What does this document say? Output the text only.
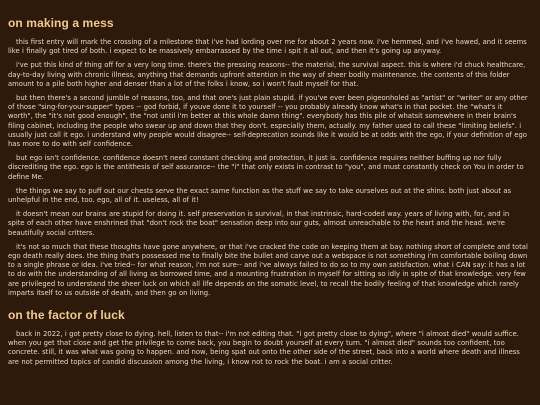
on making a mess

this first entry will mark the crossing of a milestone that i've had lording over me for about 2 years now. i've hemmed, and i've hawed, and it seems like i finally got tired of both. i expect to be massively embarrassed by the time i spit it all out, and then it's going up anyway.

i've put this kind of thing off for a very long time. there's the pressing reasons-- the material, the survival aspect. this is where i'd chuck healthcare, day-to-day living with chronic illness, anything that demands upfront attention in the way of sheer bodily maintenance. the contents of this folder amount to a pile both higher and denser than a lot of the folks i know, so i won't fault myself for that.

but then there's a second jumble of reasons, too, and that one's just plain stupid. if you've ever been pigeonholed as "artist" or "writer" or any other of those "sing-for-your-supper" types -- god forbid, if youve done it to yourself -- you probably already know what's in that pocket. the "what's it worth", the "it's not good enough", the "not until i'm better at this whole damn thing". everybody has this pile of whatsit somewhere in their brain's filing cabinet, including the people who swear up and down that they don't. especially them, actually. my father used to call these "limiting beliefs". i usually just call it ego. i understand why people would disagree-- self-deprecation sounds like it would be at odds with the ego, if your definition of ego has more to do with self confidence.

but ego isn't confidence. confidence doesn't need constant checking and protection, it just is. confidence requires neither buffing up nor fully discrediting the ego. ego is the antithesis of self assurance-- the "i" that only exists in contrast to "you", and must constantly check on You in order to define Me.

the things we say to puff out our chests serve the exact same function as the stuff we say to take ourselves out at the shins. both just about as unhelpful in the end, too. ego, all of it. useless, all of it!

it doesn't mean our brains are stupid for doing it. self preservation is survival, in that instrinsic, hard-coded way. years of living with, for, and in spite of each other have enshrined that "don't rock the boat" sensation deep into our guts, almost unreachable to the heart and the head. we're beautifully social critters.

it's not so much that these thoughts have gone anywhere, or that i've cracked the code on keeping them at bay. nothing short of complete and total ego death really does. the thing that's possessed me to finally bite the bullet and carve out a webspace is not something i'm comfortable boiling down to a single phrase or idea. i've tried-- for what reason, i'm not sure-- and i've always failed to do so to my own satisfaction. what i CAN say: it has a lot to do with the understanding of all living as borrowed time, and a mounting frustration in myself for sitting so idly in spite of that knowledge. very few are privileged to understand the sheer luck on which all life depends on the somatic level, to recall the bodily feeling of that knowledge which rarely imparts itself to us outside of death, and then go on living.

on the factor of luck

back in 2022, i got pretty close to dying. hell, listen to that-- i'm not editing that. "i got pretty close to dying", where "i almost died" would suffice. when you get that close and get the privilege to come back, you begin to doubt yourself at every turn. "i almost died" sounds too confident, too concrete. still, it was what was going to happen. and now, being spat out onto the other side of the street, back into a world where death and illness are not permitted topics of candid discussion among the living, i know not to rock the boat. i am a social critter.
